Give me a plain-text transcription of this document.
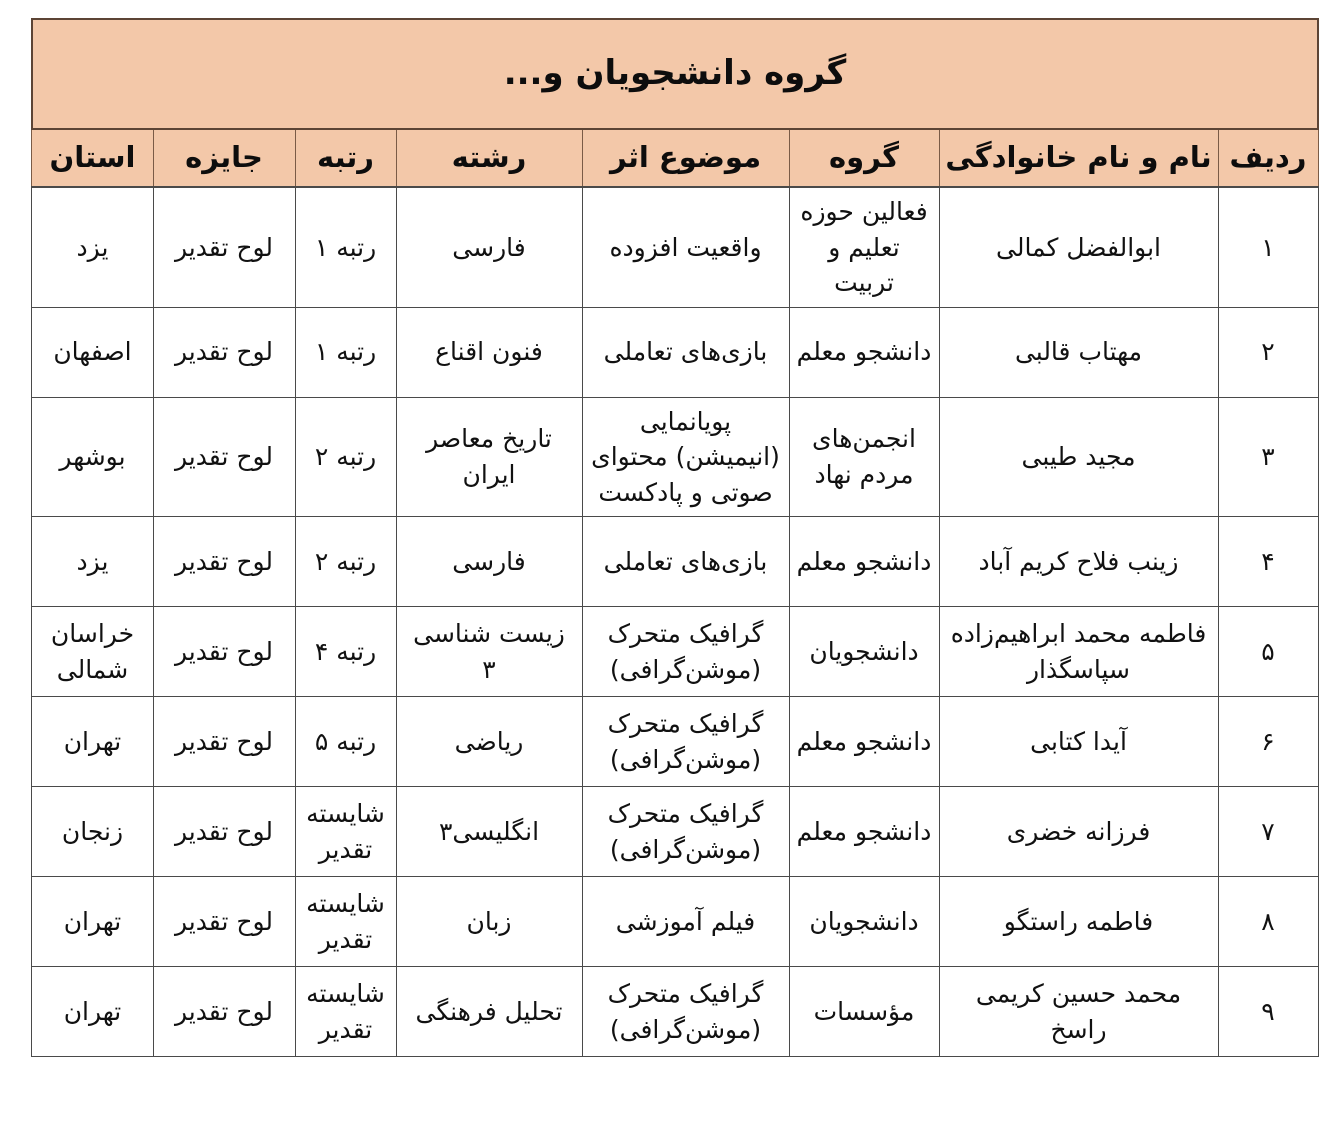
گروه دانشجویان و...							
ردیف	نام و نام خانوادگی	گروه	موضوع اثر	رشته	رتبه	جایزه	استان
۱	ابوالفضل کمالی	فعالین حوزه تعلیم و تربیت	واقعیت افزوده	فارسی	رتبه ۱	لوح تقدیر	یزد
۲	مهتاب قالبی	دانشجو معلم	بازی‌های تعاملی	فنون اقناع	رتبه ۱	لوح تقدیر	اصفهان
۳	مجید طیبی	انجمن‌های مردم نهاد	پویانمایی (انیمیشن) محتوای صوتی و پادکست	تاریخ معاصر ایران	رتبه ۲	لوح تقدیر	بوشهر
۴	زینب فلاح کریم آباد	دانشجو معلم	بازی‌های تعاملی	فارسی	رتبه ۲	لوح تقدیر	یزد
۵	فاطمه محمد ابراهیم‌زاده سپاسگذار	دانشجویان	گرافیک متحرک (موشن‌گرافی)	زیست شناسی ۳	رتبه ۴	لوح تقدیر	خراسان شمالی
۶	آیدا کتابی	دانشجو معلم	گرافیک متحرک (موشن‌گرافی)	ریاضی	رتبه ۵	لوح تقدیر	تهران
۷	فرزانه خضری	دانشجو معلم	گرافیک متحرک (موشن‌گرافی)	انگلیسی۳	شایسته تقدیر	لوح تقدیر	زنجان
۸	فاطمه راستگو	دانشجویان	فیلم آموزشی	زبان	شایسته تقدیر	لوح تقدیر	تهران
۹	محمد حسین کریمی راسخ	مؤسسات	گرافیک متحرک (موشن‌گرافی)	تحلیل فرهنگی	شایسته تقدیر	لوح تقدیر	تهران
